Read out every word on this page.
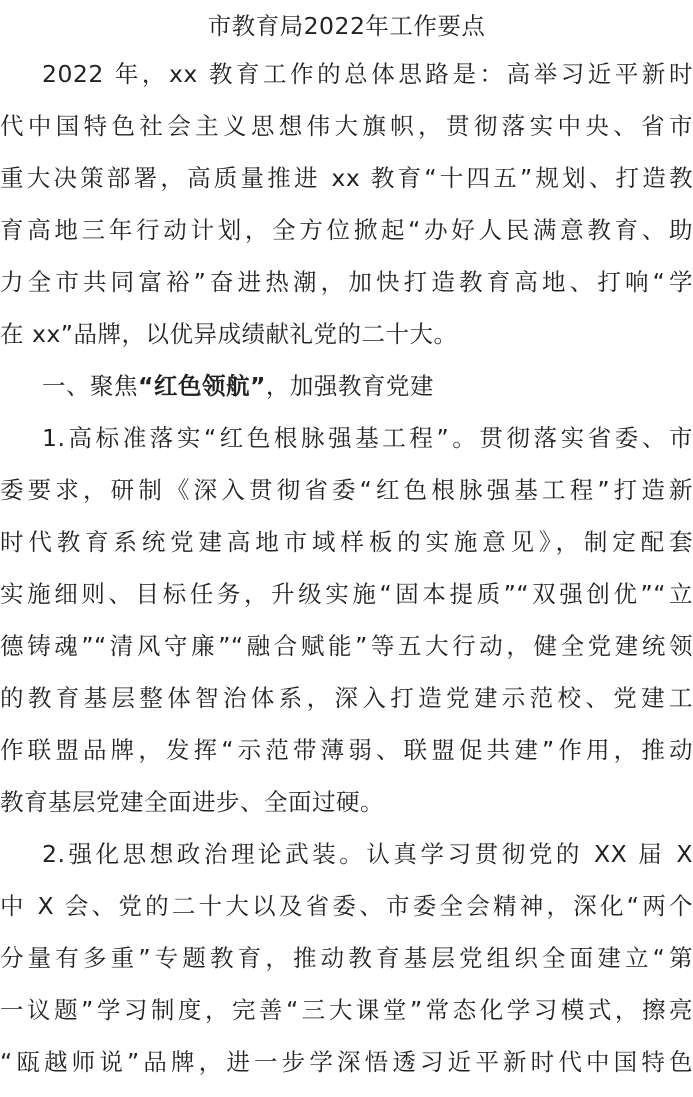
市教育局2022年工作要点
2022 年，xx 教育工作的总体思路是：高举习近平新时
代中国特色社会主义思想伟大旗帜，贯彻落实中央、省市
重大决策部署，高质量推进 xx 教育“十四五”规划、打造教
育高地三年行动计划，全方位掀起“办好人民满意教育、助
力全市共同富裕”奋进热潮，加快打造教育高地、打响“学
在 xx”品牌，以优异成绩献礼党的二十大。
一、聚焦“红色领航”，加强教育党建
1.高标准落实“红色根脉强基工程”。贯彻落实省委、市
委要求，研制《深入贯彻省委“红色根脉强基工程”打造新
时代教育系统党建高地市域样板的实施意见》，制定配套
实施细则、目标任务，升级实施“固本提质”“双强创优”“立
德铸魂”“清风守廉”“融合赋能”等五大行动，健全党建统领
的教育基层整体智治体系，深入打造党建示范校、党建工
作联盟品牌，发挥“示范带薄弱、联盟促共建”作用，推动
教育基层党建全面进步、全面过硬。
2.强化思想政治理论武装。认真学习贯彻党的 XX 届 X
中 X 会、党的二十大以及省委、市委全会精神，深化“两个
分量有多重”专题教育，推动教育基层党组织全面建立“第
一议题”学习制度，完善“三大课堂”常态化学习模式，擦亮
“瓯越师说”品牌，进一步学深悟透习近平新时代中国特色
